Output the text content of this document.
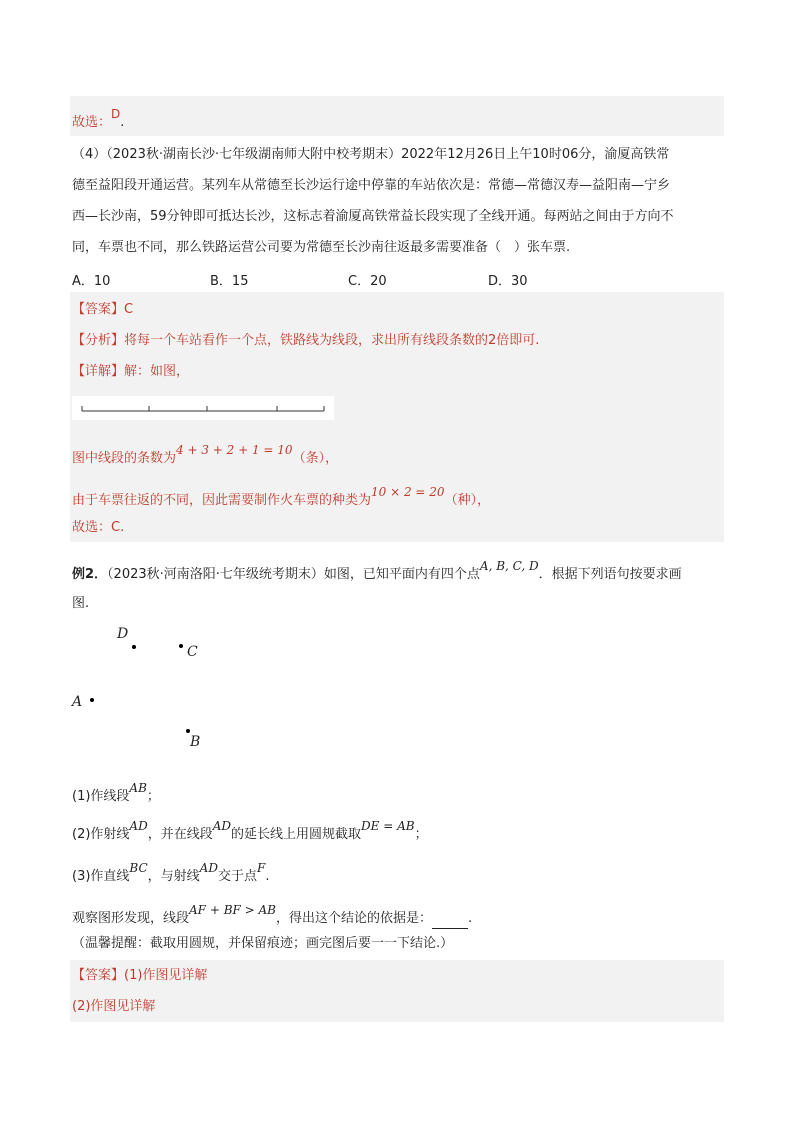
故选：D.
（4）（2023秋·湖南长沙·七年级湖南师大附中校考期末）2022年12月26日上午10时06分，渝厦高铁常
德至益阳段开通运营。某列车从常德至长沙运行途中停靠的车站依次是：常德—常德汉寿—益阳南—宁乡
西—长沙南，59分钟即可抵达长沙，这标志着渝厦高铁常益长段实现了全线开通。每两站之间由于方向不
同，车票也不同，那么铁路运营公司要为常德至长沙南往返最多需要准备（　）张车票.
A．10	B．15	C．20	D．30
【答案】C
【分析】将每一个车站看作一个点，铁路线为线段，求出所有线段条数的2倍即可.
【详解】解：如图，
图中线段的条数为4 + 3 + 2 + 1 = 10（条），
由于车票往返的不同，因此需要制作火车票的种类为10 × 2 = 20（种），
故选：C.
例2．（2023秋·河南洛阳·七年级统考期末）如图，已知平面内有四个点A, B, C, D．根据下列语句按要求画
图.
D
C
A
B
(1)作线段AB；
(2)作射线AD，并在线段AD的延长线上用圆规截取DE = AB；
(3)作直线BC，与射线AD交于点F.
观察图形发现，线段AF + BF > AB，得出这个结论的依据是：	.
（温馨提醒：截取用圆规，并保留痕迹；画完图后要一一下结论.）
【答案】(1)作图见详解
(2)作图见详解
